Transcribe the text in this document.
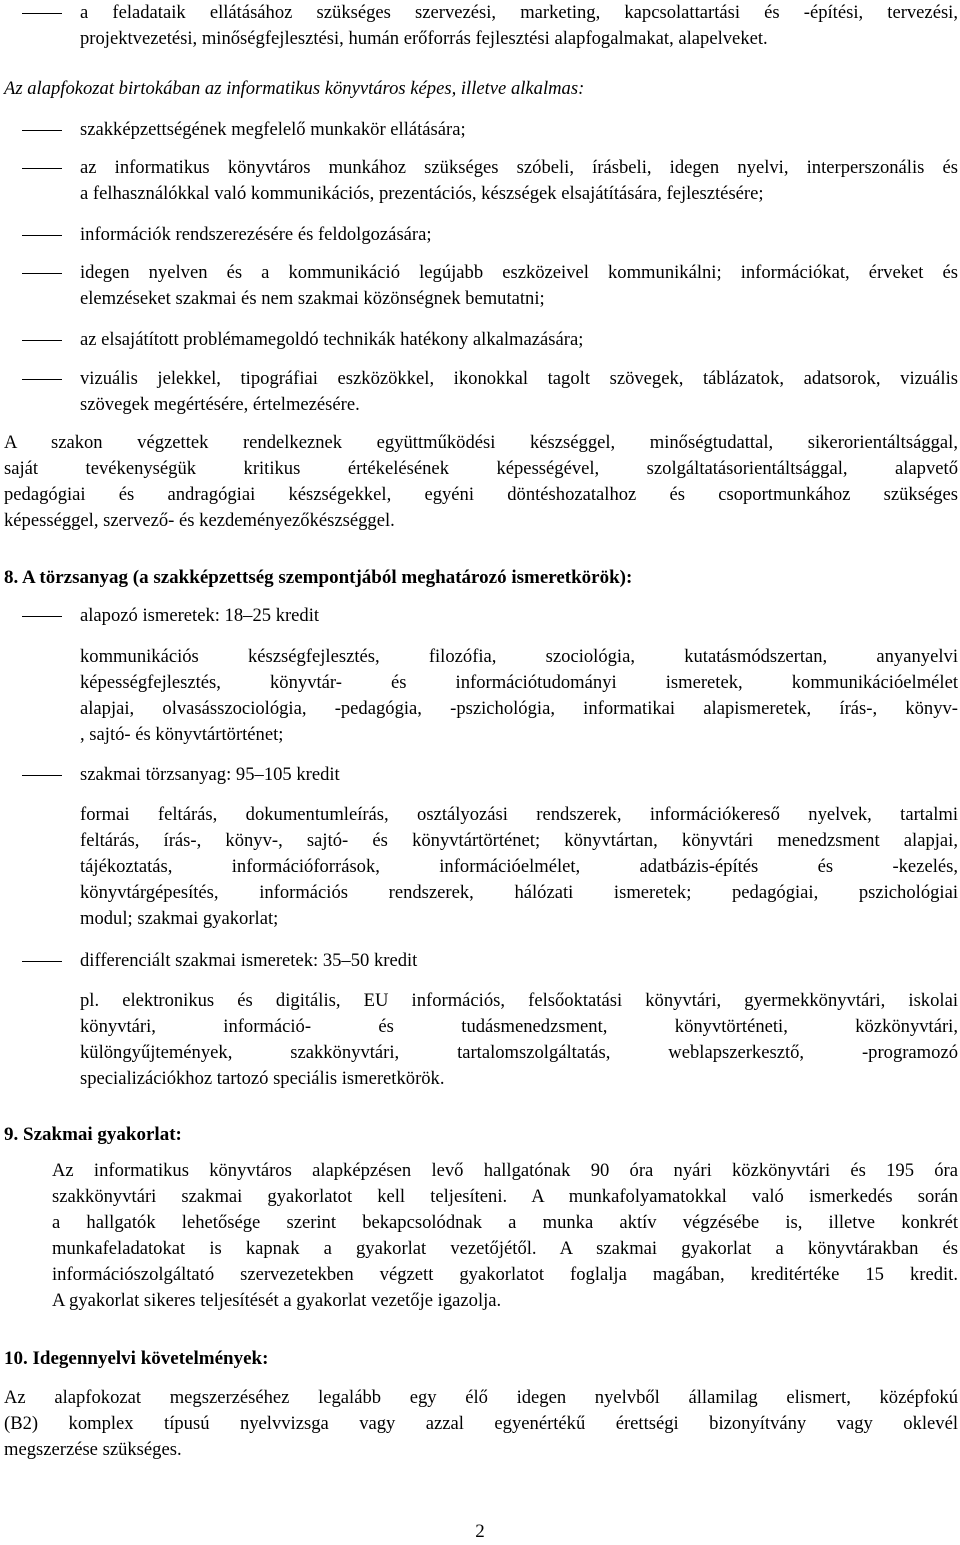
a feladataik ellátásához szükséges szervezési, marketing, kapcsolattartási és -építési, tervezési,
projektvezetési, minőségfejlesztési, humán erőforrás fejlesztési alapfogalmakat, alapelveket.
Az alapfokozat birtokában az informatikus könyvtáros képes, illetve alkalmas:
szakképzettségének megfelelő munkakör ellátására;
az informatikus könyvtáros munkához szükséges szóbeli, írásbeli, idegen nyelvi, interperszonális és
a felhasználókkal való kommunikációs, prezentációs, készségek elsajátítására, fejlesztésére;
információk rendszerezésére és feldolgozására;
idegen nyelven és a kommunikáció legújabb eszközeivel kommunikálni; információkat, érveket és
elemzéseket szakmai és nem szakmai közönségnek bemutatni;
az elsajátított problémamegoldó technikák hatékony alkalmazására;
vizuális jelekkel, tipográfiai eszközökkel, ikonokkal tagolt szövegek, táblázatok, adatsorok, vizuális
szövegek megértésére, értelmezésére.
A szakon végzettek rendelkeznek együttműködési készséggel, minőségtudattal, sikerorientáltsággal,
saját tevékenységük kritikus értékelésének képességével, szolgáltatásorientáltsággal, alapvető
pedagógiai és andragógiai készségekkel, egyéni döntéshozatalhoz és csoportmunkához szükséges
képességgel, szervező- és kezdeményezőkészséggel.
8. A törzsanyag (a szakképzettség szempontjából meghatározó ismeretkörök):
alapozó ismeretek: 18–25 kredit
kommunikációs készségfejlesztés, filozófia, szociológia, kutatásmódszertan, anyanyelvi
képességfejlesztés, könyvtár- és információtudományi ismeretek, kommunikációelmélet
alapjai, olvasásszociológia, -pedagógia, -pszichológia, informatikai alapismeretek, írás-, könyv-
, sajtó- és könyvtártörténet;
szakmai törzsanyag: 95–105 kredit
formai feltárás, dokumentumleírás, osztályozási rendszerek, információkereső nyelvek, tartalmi
feltárás, írás-, könyv-, sajtó- és könyvtártörténet; könyvtártan, könyvtári menedzsment alapjai,
tájékoztatás, információforrások, információelmélet, adatbázis-építés és -kezelés,
könyvtárgépesítés, információs rendszerek, hálózati ismeretek; pedagógiai, pszichológiai
modul; szakmai gyakorlat;
differenciált szakmai ismeretek: 35–50 kredit
pl. elektronikus és digitális, EU információs, felsőoktatási könyvtári, gyermekkönyvtári, iskolai
könyvtári, információ- és tudásmenedzsment, könyvtörténeti, közkönyvtári,
különgyűjtemények, szakkönyvtári, tartalomszolgáltatás, weblapszerkesztő, -programozó
specializációkhoz tartozó speciális ismeretkörök.
9. Szakmai gyakorlat:
Az informatikus könyvtáros alapképzésen levő hallgatónak 90 óra nyári közkönyvtári és 195 óra
szakkönyvtári szakmai gyakorlatot kell teljesíteni. A munkafolyamatokkal való ismerkedés során
a hallgatók lehetősége szerint bekapcsolódnak a munka aktív végzésébe is, illetve konkrét
munkafeladatokat is kapnak a gyakorlat vezetőjétől. A szakmai gyakorlat a könyvtárakban és
információszolgáltató szervezetekben végzett gyakorlatot foglalja magában, kreditértéke 15 kredit.
A gyakorlat sikeres teljesítését a gyakorlat vezetője igazolja.
10. Idegennyelvi követelmények:
Az alapfokozat megszerzéséhez legalább egy élő idegen nyelvből államilag elismert, középfokú
(B2) komplex típusú nyelvvizsga vagy azzal egyenértékű érettségi bizonyítvány vagy oklevél
megszerzése szükséges.
2
